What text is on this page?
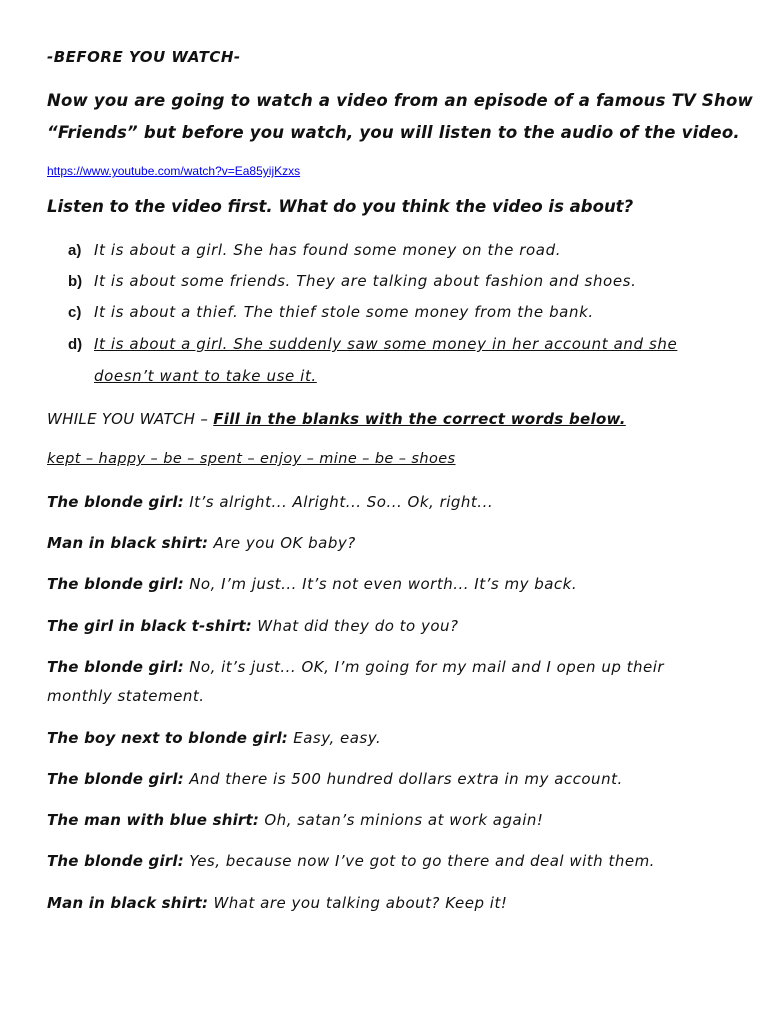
-BEFORE YOU WATCH-
Now you are going to watch a video from an episode of a famous TV Show
“Friends” but before you watch, you will listen to the audio of the video.
https://www.youtube.com/watch?v=Ea85yijKzxs
Listen to the video first. What do you think the video is about?
a) It is about a girl. She has found some money on the road.
b) It is about some friends. They are talking about fashion and shoes.
c) It is about a thief. The thief stole some money from the bank.
d) It is about a girl. She suddenly saw some money in her account and she
doesn’t want to take use it.
WHILE YOU WATCH – Fill in the blanks with the correct words below.
kept – happy – be – spent – enjoy – mine – be – shoes
The blonde girl: It’s alright... Alright... So... Ok, right...
Man in black shirt: Are you OK baby?
The blonde girl: No, I’m just... It’s not even worth... It’s my back.
The girl in black t-shirt: What did they do to you?
The blonde girl: No, it’s just... OK, I’m going for my mail and I open up their
monthly statement.
The boy next to blonde girl: Easy, easy.
The blonde girl: And there is 500 hundred dollars extra in my account.
The man with blue shirt: Oh, satan’s minions at work again!
The blonde girl: Yes, because now I’ve got to go there and deal with them.
Man in black shirt: What are you talking about? Keep it!
